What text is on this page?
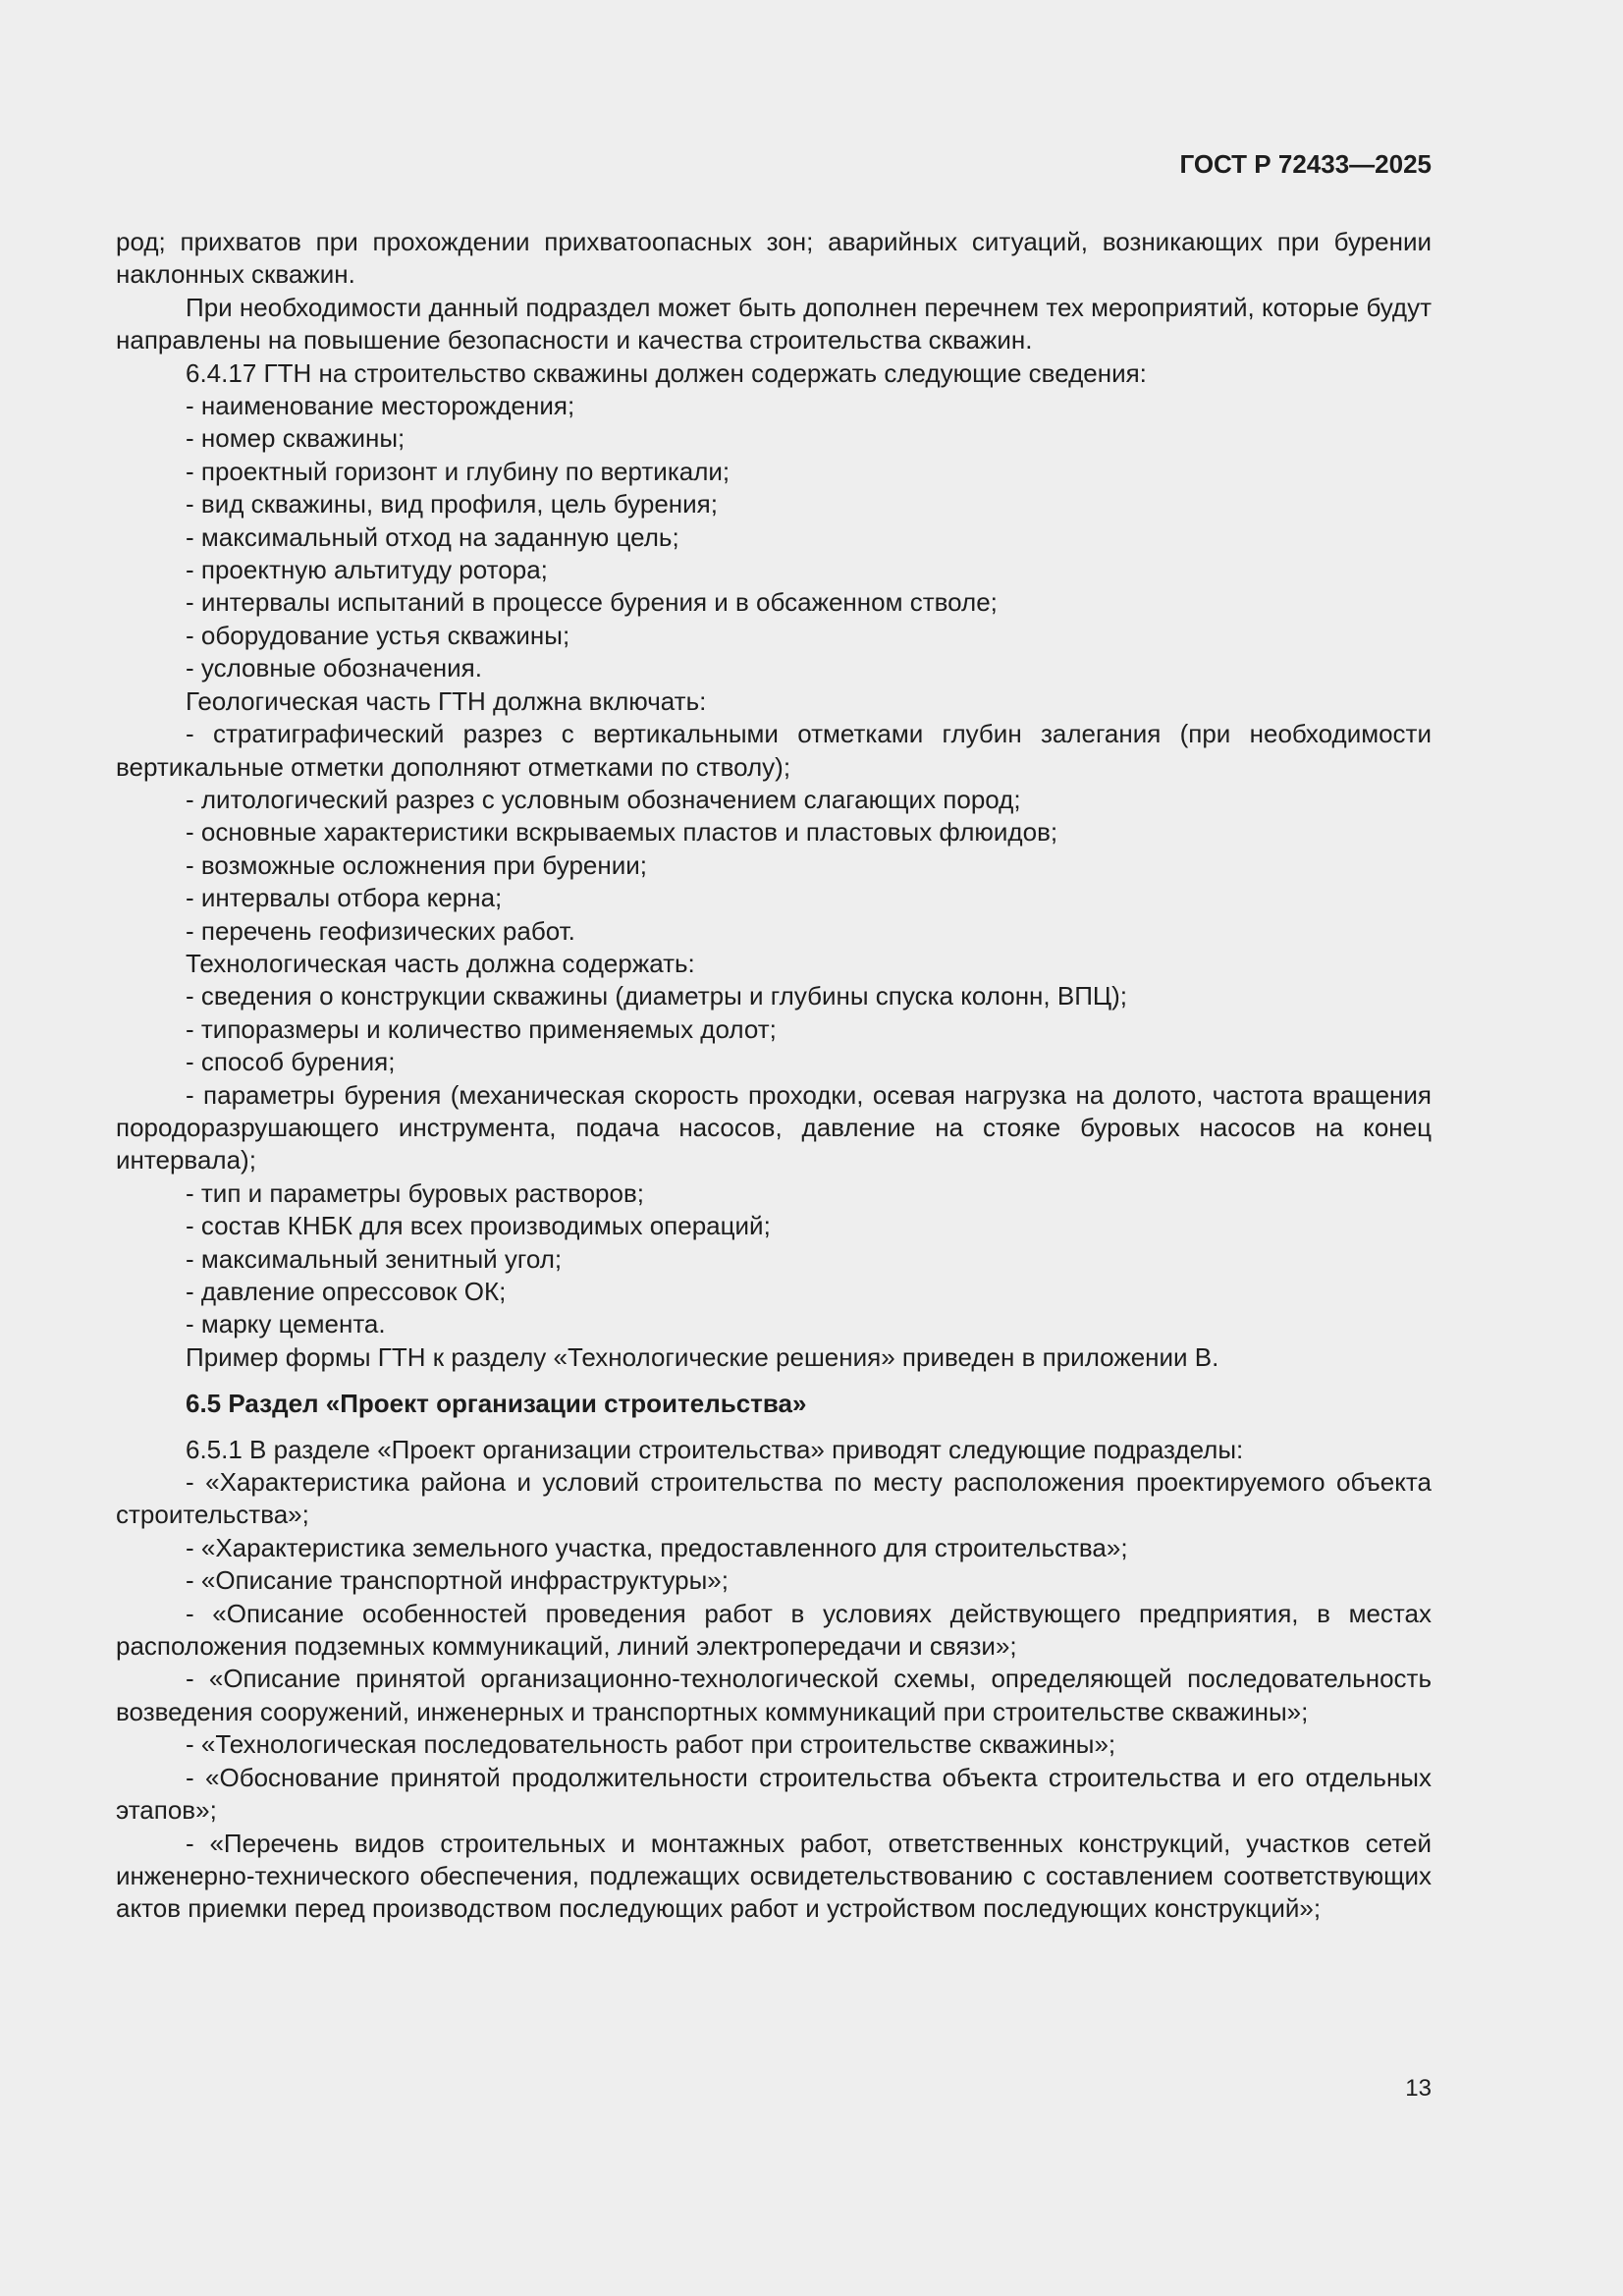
ГОСТ Р 72433—2025

род; прихватов при прохождении прихватоопасных зон; аварийных ситуаций, возникающих при бурении наклонных скважин.

При необходимости данный подраздел может быть дополнен перечнем тех мероприятий, которые будут направлены на повышение безопасности и качества строительства скважин.

6.4.17 ГТН на строительство скважины должен содержать следующие сведения:

- наименование месторождения;

- номер скважины;

- проектный горизонт и глубину по вертикали;

- вид скважины, вид профиля, цель бурения;

- максимальный отход на заданную цель;

- проектную альтитуду ротора;

- интервалы испытаний в процессе бурения и в обсаженном стволе;

- оборудование устья скважины;

- условные обозначения.

Геологическая часть ГТН должна включать:

- стратиграфический разрез с вертикальными отметками глубин залегания (при необходимости вертикальные отметки дополняют отметками по стволу);

- литологический разрез с условным обозначением слагающих пород;

- основные характеристики вскрываемых пластов и пластовых флюидов;

- возможные осложнения при бурении;

- интервалы отбора керна;

- перечень геофизических работ.

Технологическая часть должна содержать:

- сведения о конструкции скважины (диаметры и глубины спуска колонн, ВПЦ);

- типоразмеры и количество применяемых долот;

- способ бурения;

- параметры бурения (механическая скорость проходки, осевая нагрузка на долото, частота вращения породоразрушающего инструмента, подача насосов, давление на стояке буровых насосов на конец интервала);

- тип и параметры буровых растворов;

- состав КНБК для всех производимых операций;

- максимальный зенитный угол;

- давление опрессовок ОК;

- марку цемента.

Пример формы ГТН к разделу «Технологические решения» приведен в приложении В.

6.5 Раздел «Проект организации строительства»

6.5.1 В разделе «Проект организации строительства» приводят следующие подразделы:

- «Характеристика района и условий строительства по месту расположения проектируемого объекта строительства»;

- «Характеристика земельного участка, предоставленного для строительства»;

- «Описание транспортной инфраструктуры»;

- «Описание особенностей проведения работ в условиях действующего предприятия, в местах расположения подземных коммуникаций, линий электропередачи и связи»;

- «Описание принятой организационно-технологической схемы, определяющей последовательность возведения сооружений, инженерных и транспортных коммуникаций при строительстве скважины»;

- «Технологическая последовательность работ при строительстве скважины»;

- «Обоснование принятой продолжительности строительства объекта строительства и его отдельных этапов»;

- «Перечень видов строительных и монтажных работ, ответственных конструкций, участков сетей инженерно-технического обеспечения, подлежащих освидетельствованию с составлением соответствующих актов приемки перед производством последующих работ и устройством последующих конструкций»;

13
